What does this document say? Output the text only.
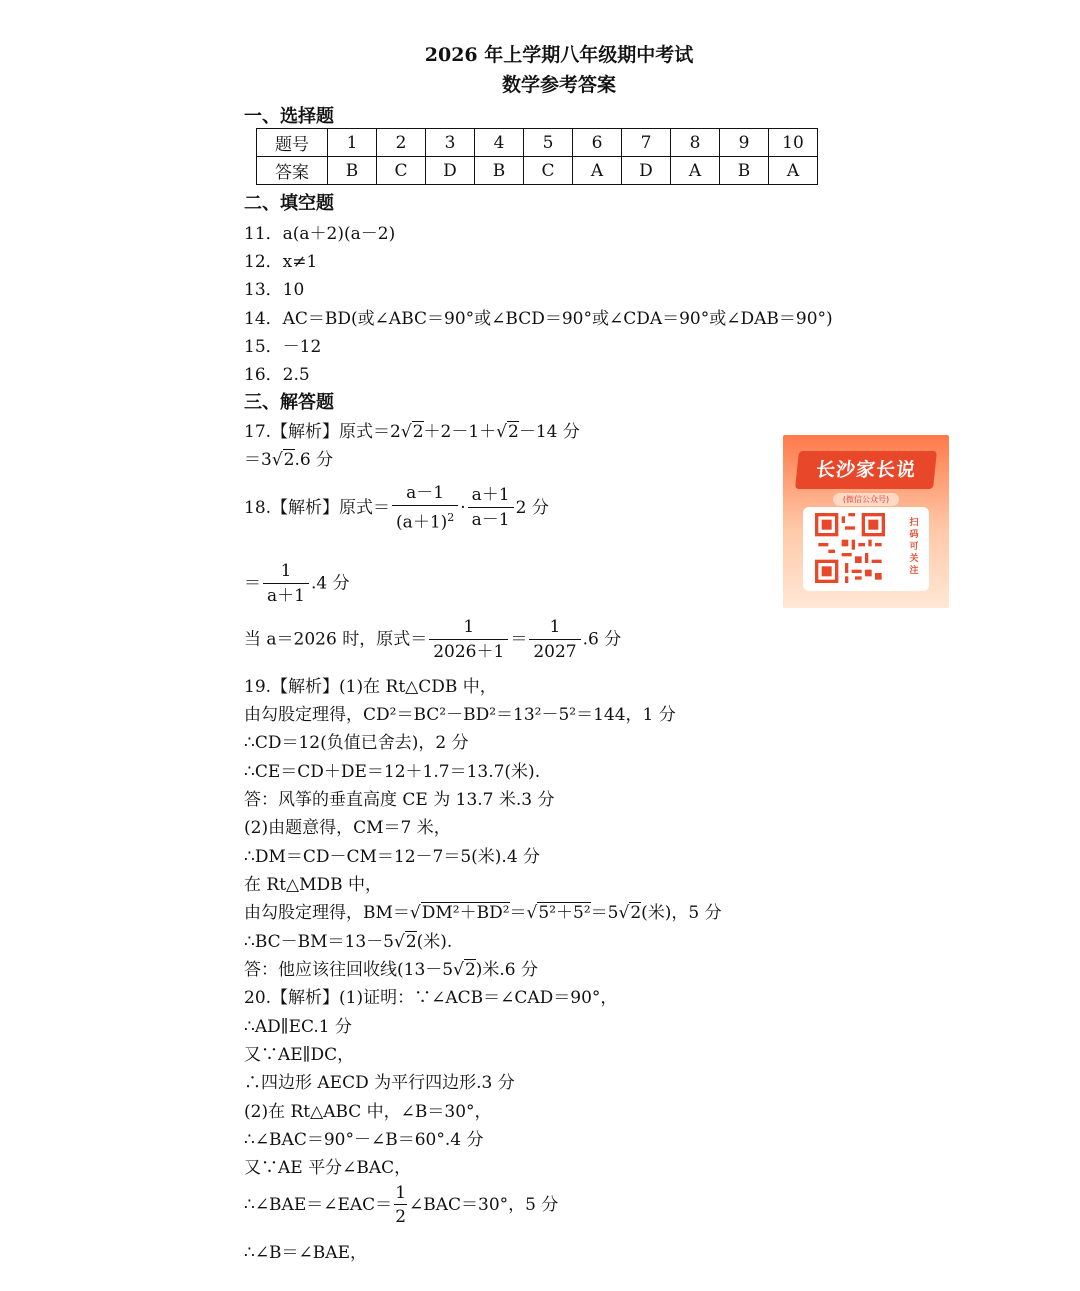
2026 年上学期八年级期中考试
数学参考答案
一、选择题
题号	1	2	3	4	5	6	7	8	9	10
答案	B	C	D	B	C	A	D	A	B	A
二、填空题
11．a(a＋2)(a－2)
12．x≠1
13．10
14．AC＝BD(或∠ABC＝90°或∠BCD＝90°或∠CDA＝90°或∠DAB＝90°)
15．－12
16．2.5
三、解答题
17.【解析】原式＝2√2＋2－1＋√2－14 分
＝3√2.6 分
18.【解析】原式＝ $\frac{a-1}{(a+1)^2} \cdot \frac{a+1}{a-1} 2$ 分
＝ $\frac{1}{a+1} .4$ 分
当 a＝2026 时，原式＝ $\frac{1}{2026+1} = \frac{1}{2027} .6$ 分
19.【解析】(1)在 Rt△CDB 中，
由勾股定理得，CD²＝BC²－BD²＝13²－5²＝144，1 分
∴CD＝12(负值已舍去)，2 分
∴CE＝CD＋DE＝12＋1.7＝13.7(米).
答：风筝的垂直高度 CE 为 13.7 米.3 分
(2)由题意得，CM＝7 米，
∴DM＝CD－CM＝12－7＝5(米).4 分
在 Rt△MDB 中，
由勾股定理得，BM＝√DM²＋BD²＝√5²＋5²＝5√2(米)，5 分
∴BC－BM＝13－5√2(米).
答：他应该往回收线(13－5√2)米.6 分
20.【解析】(1)证明：∵∠ACB＝∠CAD＝90°，
∴AD∥EC.1 分
又∵AE∥DC，
∴四边形 AECD 为平行四边形.3 分
(2)在 Rt△ABC 中，∠B＝30°，
∴∠BAC＝90°－∠B＝60°.4 分
又∵AE 平分∠BAC，
∴∠BAE＝∠EAC＝ $\frac{1}{2}$ ∠BAC＝30°，5 分
∴∠B＝∠BAE，
长沙家长说
(微信公众号)
扫码可关注
